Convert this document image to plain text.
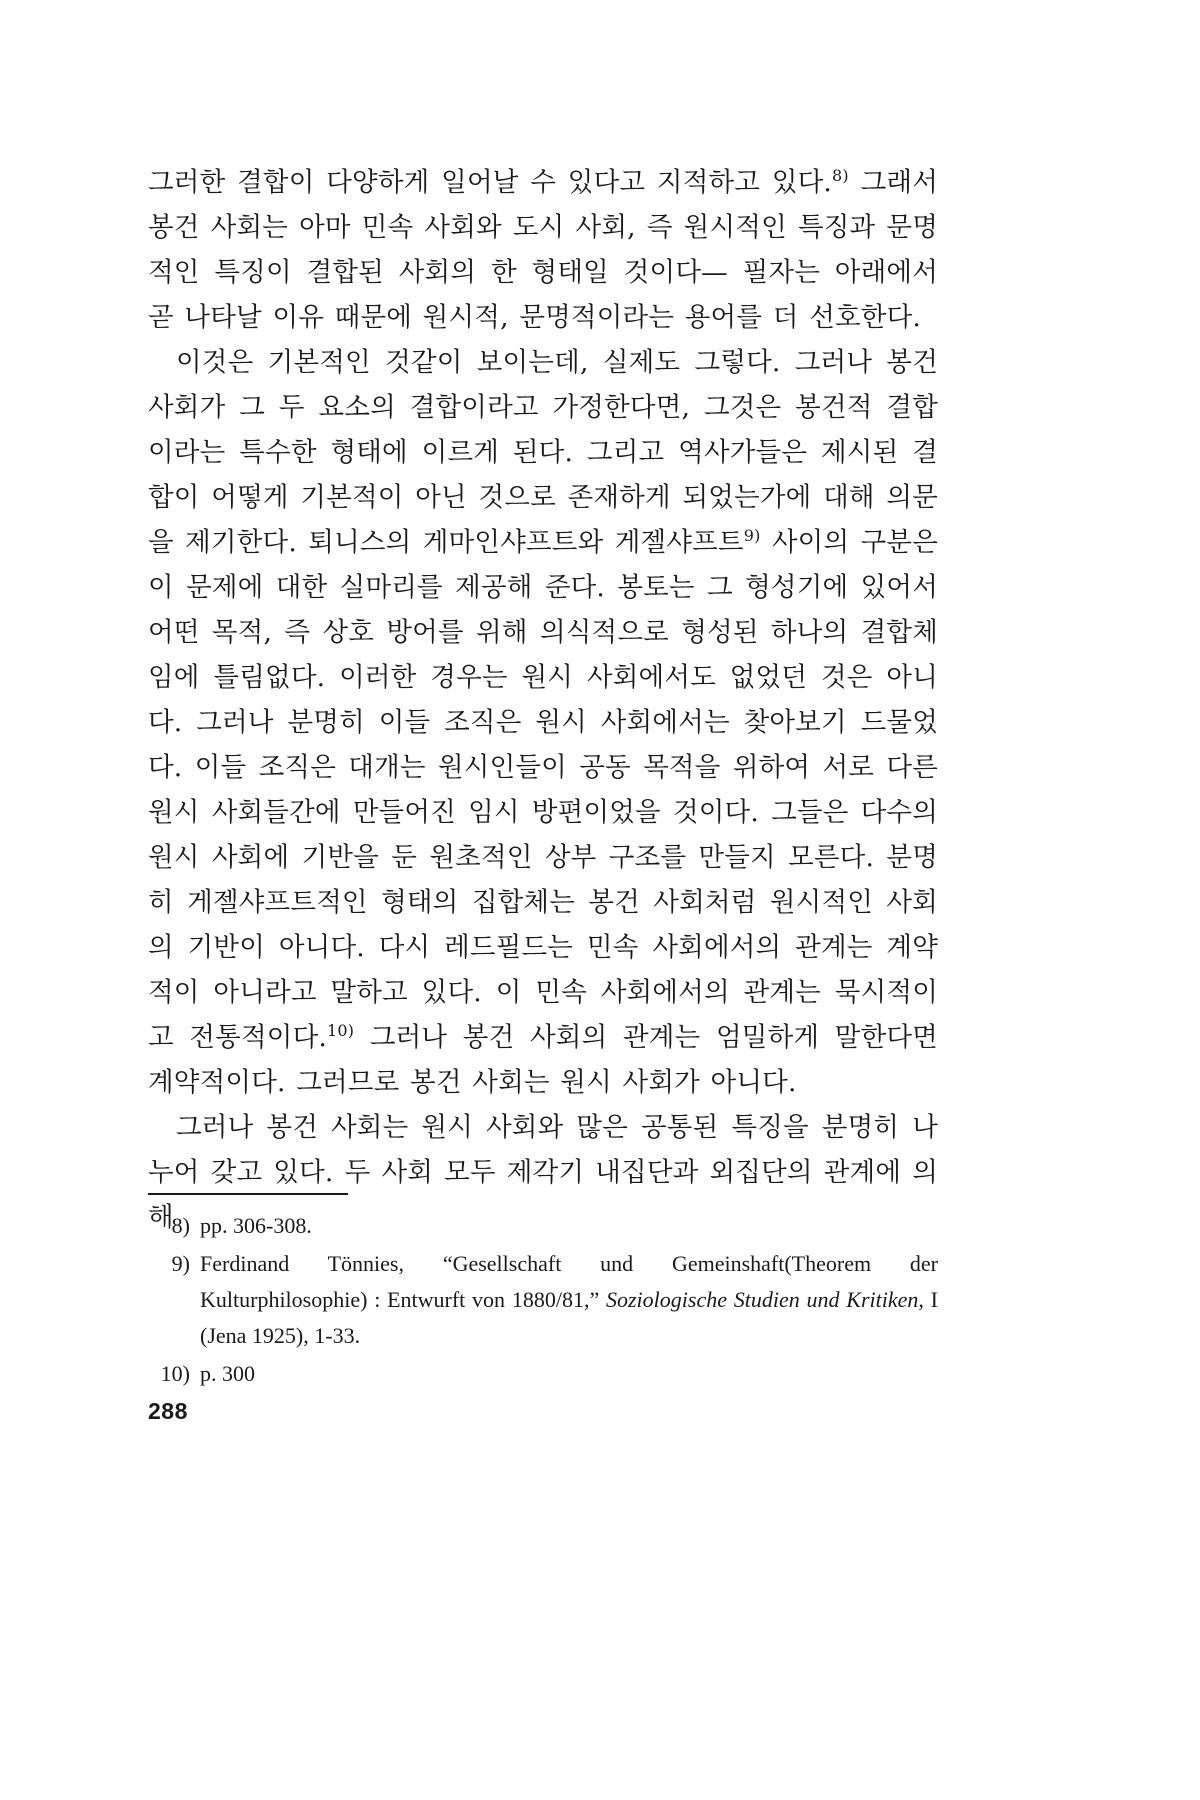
그러한 결합이 다양하게 일어날 수 있다고 지적하고 있다.$^{8)}$ 그래서 봉건 사회는 아마 민속 사회와 도시 사회, 즉 원시적인 특징과 문명적인 특징이 결합된 사회의 한 형태일 것이다— 필자는 아래에서 곧 나타날 이유 때문에 원시적, 문명적이라는 용어를 더 선호한다.

이것은 기본적인 것같이 보이는데, 실제도 그렇다. 그러나 봉건 사회가 그 두 요소의 결합이라고 가정한다면, 그것은 봉건적 결합이라는 특수한 형태에 이르게 된다. 그리고 역사가들은 제시된 결합이 어떻게 기본적이 아닌 것으로 존재하게 되었는가에 대해 의문을 제기한다. 퇴니스의 게마인샤프트와 게젤샤프트$^{9)}$ 사이의 구분은 이 문제에 대한 실마리를 제공해 준다. 봉토는 그 형성기에 있어서 어떤 목적, 즉 상호 방어를 위해 의식적으로 형성된 하나의 결합체임에 틀림없다. 이러한 경우는 원시 사회에서도 없었던 것은 아니다. 그러나 분명히 이들 조직은 원시 사회에서는 찾아보기 드물었다. 이들 조직은 대개는 원시인들이 공동 목적을 위하여 서로 다른 원시 사회들간에 만들어진 임시 방편이었을 것이다. 그들은 다수의 원시 사회에 기반을 둔 원초적인 상부 구조를 만들지 모른다. 분명히 게젤샤프트적인 형태의 집합체는 봉건 사회처럼 원시적인 사회의 기반이 아니다. 다시 레드필드는 민속 사회에서의 관계는 계약적이 아니라고 말하고 있다. 이 민속 사회에서의 관계는 묵시적이고 전통적이다.$^{10)}$ 그러나 봉건 사회의 관계는 엄밀하게 말한다면 계약적이다. 그러므로 봉건 사회는 원시 사회가 아니다.

그러나 봉건 사회는 원시 사회와 많은 공통된 특징을 분명히 나누어 갖고 있다. 두 사회 모두 제각기 내집단과 외집단의 관계에 의해

8) pp. 306-308.
9) Ferdinand Tönnies, “Gesellschaft und Gemeinshaft(Theorem der Kulturphilosophie) : Entwurft von 1880/81,” Soziologische Studien und Kritiken, I (Jena 1925), 1-33.
10) p. 300
288
